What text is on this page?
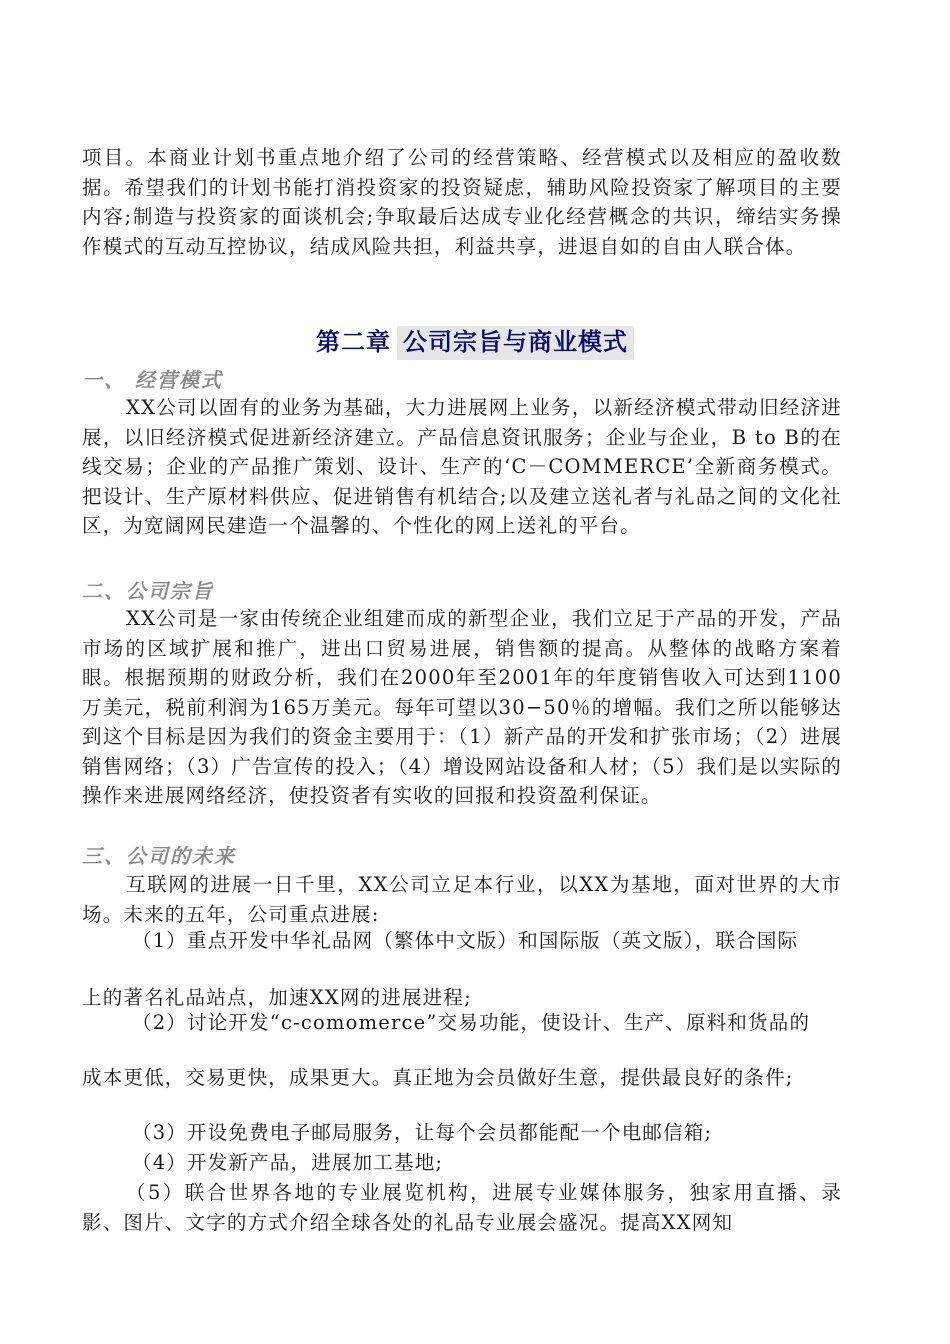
项目。本商业计划书重点地介绍了公司的经营策略、经营模式以及相应的盈收数据。希望我们的计划书能打消投资家的投资疑虑，辅助风险投资家了解项目的主要内容;制造与投资家的面谈机会;争取最后达成专业化经营概念的共识，缔结实务操作模式的互动互控协议，结成风险共担，利益共享，进退自如的自由人联合体。

第二章 公司宗旨与商业模式
一、 经营模式

XX公司以固有的业务为基础，大力进展网上业务，以新经济模式带动旧经济进展，以旧经济模式促进新经济建立。产品信息资讯服务；企业与企业，B to B的在线交易；企业的产品推广策划、设计、生产的‘C－COMMERCE’全新商务模式。把设计、生产原材料供应、促进销售有机结合;以及建立送礼者与礼品之间的文化社区，为宽阔网民建造一个温馨的、个性化的网上送礼的平台。

二、公司宗旨

XX公司是一家由传统企业组建而成的新型企业，我们立足于产品的开发，产品市场的区域扩展和推广，进出口贸易进展，销售额的提高。从整体的战略方案着眼。根据预期的财政分析，我们在2000年至2001年的年度销售收入可达到1100万美元，税前利润为165万美元。每年可望以30−50％的增幅。我们之所以能够达到这个目标是因为我们的资金主要用于：（1）新产品的开发和扩张市场；（2）进展销售网络；（3）广告宣传的投入；（4）增设网站设备和人材；（5）我们是以实际的操作来进展网络经济，使投资者有实收的回报和投资盈利保证。

三、公司的未来

互联网的进展一日千里，XX公司立足本行业，以XX为基地，面对世界的大市场。未来的五年，公司重点进展:

（1）重点开发中华礼品网（繁体中文版）和国际版（英文版），联合国际

上的著名礼品站点，加速XX网的进展进程;

（2）讨论开发“c-comomerce”交易功能，使设计、生产、原料和货品的

成本更低，交易更快，成果更大。真正地为会员做好生意，提供最良好的条件;

（3）开设免费电子邮局服务，让每个会员都能配一个电邮信箱;

（4）开发新产品，进展加工基地;

（5）联合世界各地的专业展览机构，进展专业媒体服务，独家用直播、录影、图片、文字的方式介绍全球各处的礼品专业展会盛况。提高XX网知
